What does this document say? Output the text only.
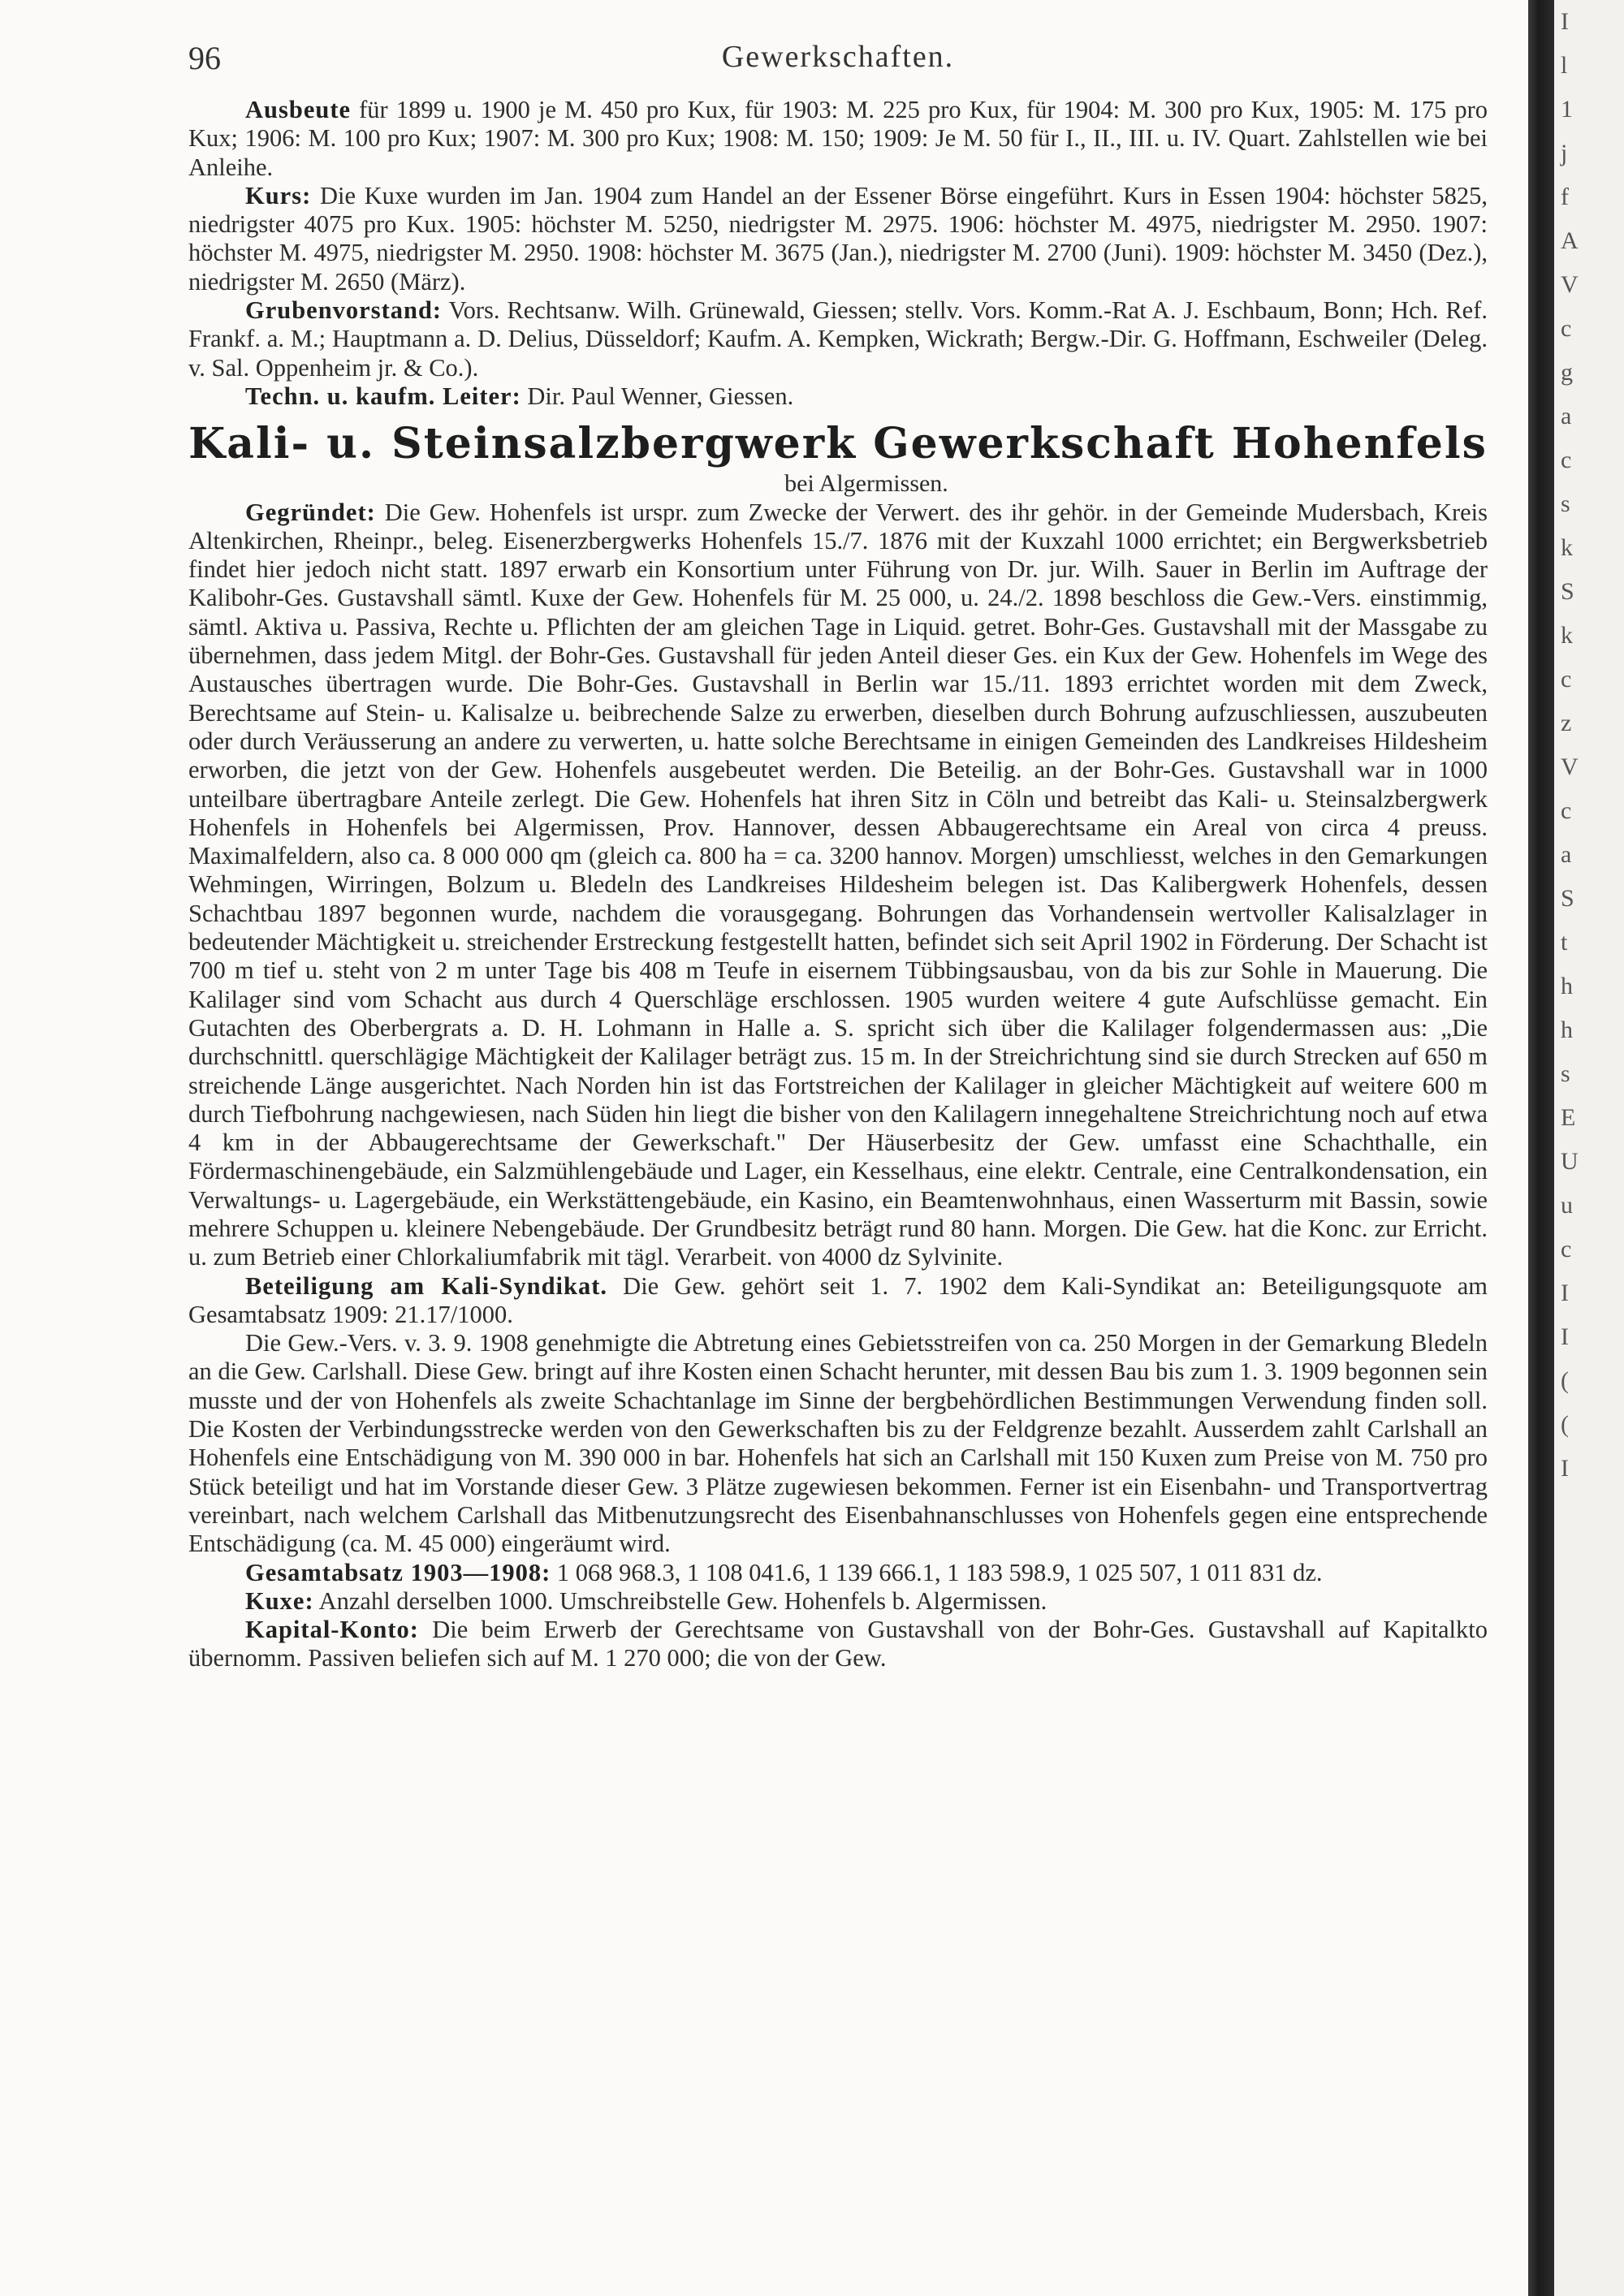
96	Gewerkschaften.

Ausbeute für 1899 u. 1900 je M. 450 pro Kux, für 1903: M. 225 pro Kux, für 1904: M. 300 pro Kux, 1905: M. 175 pro Kux; 1906: M. 100 pro Kux; 1907: M. 300 pro Kux; 1908: M. 150; 1909: Je M. 50 für I., II., III. u. IV. Quart. Zahlstellen wie bei Anleihe.

Kurs: Die Kuxe wurden im Jan. 1904 zum Handel an der Essener Börse eingeführt. Kurs in Essen 1904: höchster 5825, niedrigster 4075 pro Kux. 1905: höchster M. 5250, niedrigster M. 2975. 1906: höchster M. 4975, niedrigster M. 2950. 1907: höchster M. 4975, niedrigster M. 2950. 1908: höchster M. 3675 (Jan.), niedrigster M. 2700 (Juni). 1909: höchster M. 3450 (Dez.), niedrigster M. 2650 (März).

Grubenvorstand: Vors. Rechtsanw. Wilh. Grünewald, Giessen; stellv. Vors. Komm.-Rat A. J. Eschbaum, Bonn; Hch. Ref. Frankf. a. M.; Hauptmann a. D. Delius, Düsseldorf; Kaufm. A. Kempken, Wickrath; Bergw.-Dir. G. Hoffmann, Eschweiler (Deleg. v. Sal. Oppenheim jr. & Co.).

Techn. u. kaufm. Leiter: Dir. Paul Wenner, Giessen.

Kali- u. Steinsalzbergwerk Gewerkschaft Hohenfels

bei Algermissen.

Gegründet: Die Gew. Hohenfels ist urspr. zum Zwecke der Verwert. des ihr gehör. in der Gemeinde Mudersbach, Kreis Altenkirchen, Rheinpr., beleg. Eisenerzbergwerks Hohenfels 15./7. 1876 mit der Kuxzahl 1000 errichtet; ein Bergwerksbetrieb findet hier jedoch nicht statt. 1897 erwarb ein Konsortium unter Führung von Dr. jur. Wilh. Sauer in Berlin im Auftrage der Kalibohr-Ges. Gustavshall sämtl. Kuxe der Gew. Hohenfels für M. 25 000, u. 24./2. 1898 beschloss die Gew.-Vers. einstimmig, sämtl. Aktiva u. Passiva, Rechte u. Pflichten der am gleichen Tage in Liquid. getret. Bohr-Ges. Gustavshall mit der Massgabe zu übernehmen, dass jedem Mitgl. der Bohr-Ges. Gustavshall für jeden Anteil dieser Ges. ein Kux der Gew. Hohenfels im Wege des Austausches übertragen wurde. Die Bohr-Ges. Gustavshall in Berlin war 15./11. 1893 errichtet worden mit dem Zweck, Berechtsame auf Stein- u. Kalisalze u. beibrechende Salze zu erwerben, dieselben durch Bohrung aufzuschliessen, auszubeuten oder durch Veräusserung an andere zu verwerten, u. hatte solche Berechtsame in einigen Gemeinden des Landkreises Hildesheim erworben, die jetzt von der Gew. Hohenfels ausgebeutet werden. Die Beteilig. an der Bohr-Ges. Gustavshall war in 1000 unteilbare übertragbare Anteile zerlegt. Die Gew. Hohenfels hat ihren Sitz in Cöln und betreibt das Kali- u. Steinsalzbergwerk Hohenfels in Hohenfels bei Algermissen, Prov. Hannover, dessen Abbaugerechtsame ein Areal von circa 4 preuss. Maximalfeldern, also ca. 8 000 000 qm (gleich ca. 800 ha = ca. 3200 hannov. Morgen) umschliesst, welches in den Gemarkungen Wehmingen, Wirringen, Bolzum u. Bledeln des Landkreises Hildesheim belegen ist. Das Kalibergwerk Hohenfels, dessen Schachtbau 1897 begonnen wurde, nachdem die vorausgegang. Bohrungen das Vorhandensein wertvoller Kalisalzlager in bedeutender Mächtigkeit u. streichender Erstreckung festgestellt hatten, befindet sich seit April 1902 in Förderung. Der Schacht ist 700 m tief u. steht von 2 m unter Tage bis 408 m Teufe in eisernem Tübbingsausbau, von da bis zur Sohle in Mauerung. Die Kalilager sind vom Schacht aus durch 4 Querschläge erschlossen. 1905 wurden weitere 4 gute Aufschlüsse gemacht. Ein Gutachten des Oberbergrats a. D. H. Lohmann in Halle a. S. spricht sich über die Kalilager folgendermassen aus: „Die durchschnittl. querschlägige Mächtigkeit der Kalilager beträgt zus. 15 m. In der Streichrichtung sind sie durch Strecken auf 650 m streichende Länge ausgerichtet. Nach Norden hin ist das Fortstreichen der Kalilager in gleicher Mächtigkeit auf weitere 600 m durch Tiefbohrung nachgewiesen, nach Süden hin liegt die bisher von den Kalilagern innegehaltene Streichrichtung noch auf etwa 4 km in der Abbaugerechtsame der Gewerkschaft." Der Häuserbesitz der Gew. umfasst eine Schachthalle, ein Fördermaschinengebäude, ein Salzmühlengebäude und Lager, ein Kesselhaus, eine elektr. Centrale, eine Centralkondensation, ein Verwaltungs- u. Lagergebäude, ein Werkstättengebäude, ein Kasino, ein Beamtenwohnhaus, einen Wasserturm mit Bassin, sowie mehrere Schuppen u. kleinere Nebengebäude. Der Grundbesitz beträgt rund 80 hann. Morgen. Die Gew. hat die Konc. zur Erricht. u. zum Betrieb einer Chlorkaliumfabrik mit tägl. Verarbeit. von 4000 dz Sylvinite.

Beteiligung am Kali-Syndikat. Die Gew. gehört seit 1. 7. 1902 dem Kali-Syndikat an: Beteiligungsquote am Gesamtabsatz 1909: 21.17/1000.

Die Gew.-Vers. v. 3. 9. 1908 genehmigte die Abtretung eines Gebietsstreifen von ca. 250 Morgen in der Gemarkung Bledeln an die Gew. Carlshall. Diese Gew. bringt auf ihre Kosten einen Schacht herunter, mit dessen Bau bis zum 1. 3. 1909 begonnen sein musste und der von Hohenfels als zweite Schachtanlage im Sinne der bergbehördlichen Bestimmungen Verwendung finden soll. Die Kosten der Verbindungsstrecke werden von den Gewerkschaften bis zu der Feldgrenze bezahlt. Ausserdem zahlt Carlshall an Hohenfels eine Entschädigung von M. 390 000 in bar. Hohenfels hat sich an Carlshall mit 150 Kuxen zum Preise von M. 750 pro Stück beteiligt und hat im Vorstande dieser Gew. 3 Plätze zugewiesen bekommen. Ferner ist ein Eisenbahn- und Transportvertrag vereinbart, nach welchem Carlshall das Mitbenutzungsrecht des Eisenbahnanschlusses von Hohenfels gegen eine entsprechende Entschädigung (ca. M. 45 000) eingeräumt wird.

Gesamtabsatz 1903—1908: 1 068 968.3, 1 108 041.6, 1 139 666.1, 1 183 598.9, 1 025 507, 1 011 831 dz.

Kuxe: Anzahl derselben 1000. Umschreibstelle Gew. Hohenfels b. Algermissen.

Kapital-Konto: Die beim Erwerb der Gerechtsame von Gustavshall von der Bohr-Ges. Gustavshall auf Kapitalkto übernomm. Passiven beliefen sich auf M. 1 270 000; die von der Gew.

I
l
1
j
f
A
V
c
g
a
c
s
k
S
k
c
z
V
c
a
S
t
h
h
s
E
U
u
c
I
I
(
(
I
